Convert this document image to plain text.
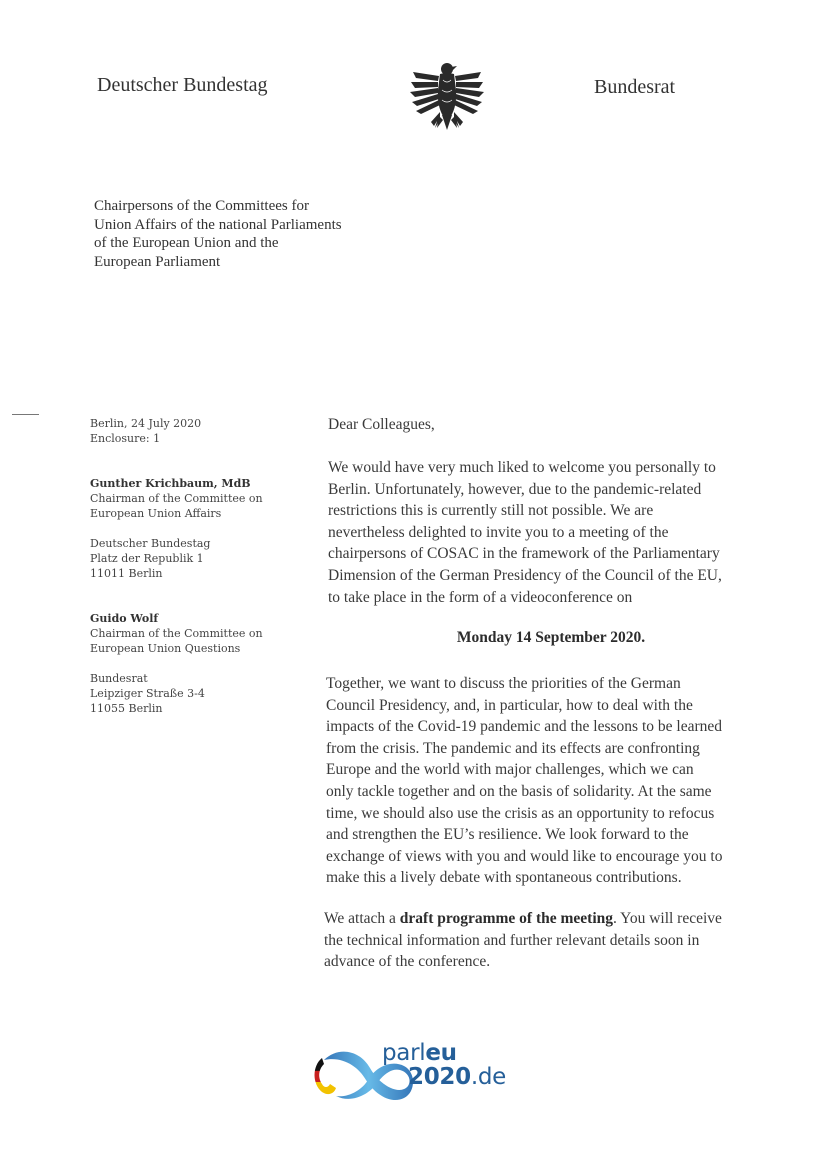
Deutscher Bundestag	Bundesrat
Chairpersons of the Committees for
Union Affairs of the national Parliaments
of the European Union and the
European Parliament
Berlin, 24 July 2020
Enclosure: 1
Gunther Krichbaum, MdB
Chairman of the Committee on
European Union Affairs
Deutscher Bundestag
Platz der Republik 1
11011 Berlin
Guido Wolf
Chairman of the Committee on
European Union Questions
Bundesrat
Leipziger Straße 3-4
11055 Berlin
Dear Colleagues,
We would have very much liked to welcome you personally to
Berlin. Unfortunately, however, due to the pandemic-related
restrictions this is currently still not possible. We are
nevertheless delighted to invite you to a meeting of the
chairpersons of COSAC in the framework of the Parliamentary
Dimension of the German Presidency of the Council of the EU,
to take place in the form of a videoconference on
Monday 14 September 2020.
Together, we want to discuss the priorities of the German
Council Presidency, and, in particular, how to deal with the
impacts of the Covid-19 pandemic and the lessons to be learned
from the crisis. The pandemic and its effects are confronting
Europe and the world with major challenges, which we can
only tackle together and on the basis of solidarity. At the same
time, we should also use the crisis as an opportunity to refocus
and strengthen the EU’s resilience. We look forward to the
exchange of views with you and would like to encourage you to
make this a lively debate with spontaneous contributions.
We attach a draft programme of the meeting. You will receive
the technical information and further relevant details soon in
advance of the conference.
parleu
2020.de
